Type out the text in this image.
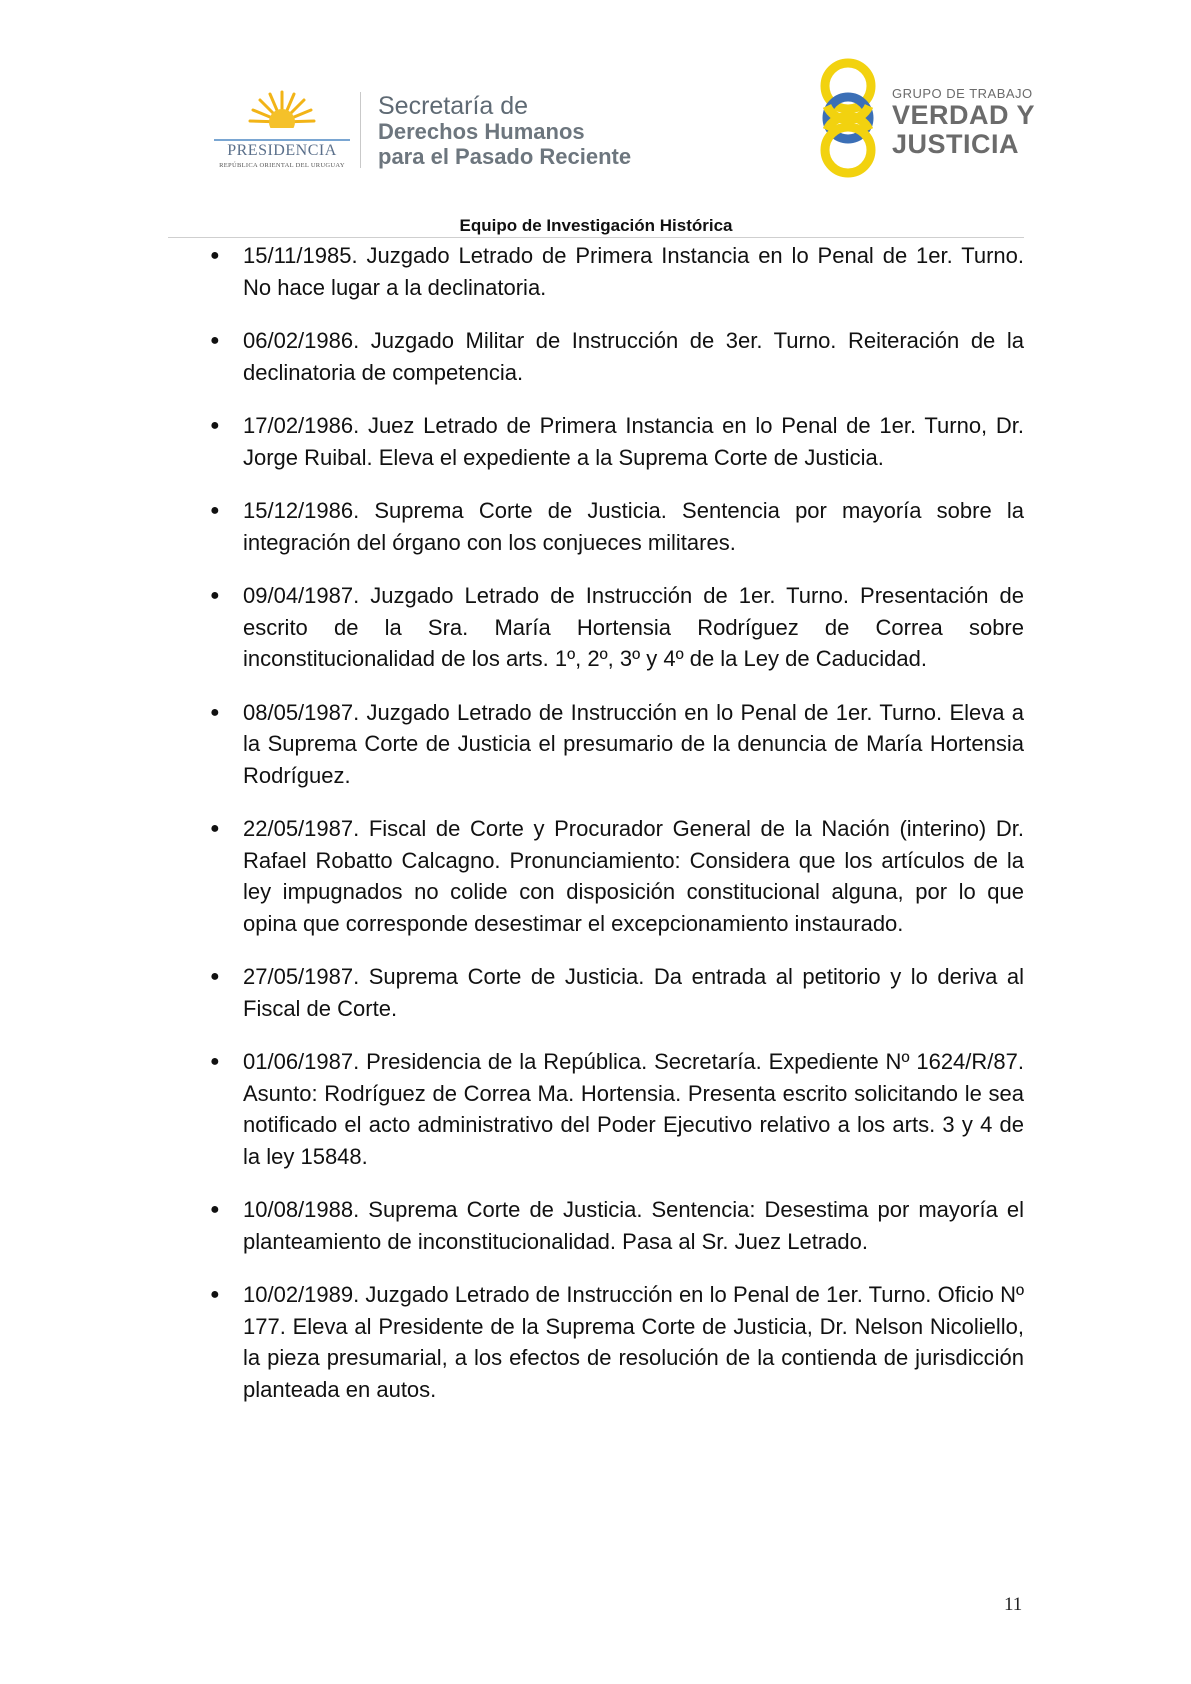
PRESIDENCIA
REPÚBLICA ORIENTAL DEL URUGUAY
Secretaría de
Derechos Humanos
para el Pasado Reciente
GRUPO DE TRABAJO
VERDAD Y
JUSTICIA
Equipo de Investigación Histórica
● 15/11/1985. Juzgado Letrado de Primera Instancia en lo Penal de 1er. Turno. No hace lugar a la declinatoria.
● 06/02/1986. Juzgado Militar de Instrucción de 3er. Turno. Reiteración de la declinatoria de competencia.
● 17/02/1986. Juez Letrado de Primera Instancia en lo Penal de 1er. Turno, Dr. Jorge Ruibal. Eleva el expediente a la Suprema Corte de Justicia.
● 15/12/1986. Suprema Corte de Justicia. Sentencia por mayoría sobre la integración del órgano con los conjueces militares.
● 09/04/1987. Juzgado Letrado de Instrucción de 1er. Turno. Presentación de escrito de la Sra. María Hortensia Rodríguez de Correa sobre inconstitucionalidad de los arts. 1º, 2º, 3º y 4º de la Ley de Caducidad.
● 08/05/1987. Juzgado Letrado de Instrucción en lo Penal de 1er. Turno. Eleva a la Suprema Corte de Justicia el presumario de la denuncia de María Hortensia Rodríguez.
● 22/05/1987. Fiscal de Corte y Procurador General de la Nación (interino) Dr. Rafael Robatto Calcagno. Pronunciamiento: Considera que los artículos de la ley impugnados no colide con disposición constitucional alguna, por lo que opina que corresponde desestimar el excepcionamiento instaurado.
● 27/05/1987. Suprema Corte de Justicia. Da entrada al petitorio y lo deriva al Fiscal de Corte.
● 01/06/1987. Presidencia de la República. Secretaría. Expediente Nº 1624/R/87. Asunto: Rodríguez de Correa Ma. Hortensia. Presenta escrito solicitando le sea notificado el acto administrativo del Poder Ejecutivo relativo a los arts. 3 y 4 de la ley 15848.
● 10/08/1988. Suprema Corte de Justicia. Sentencia: Desestima por mayoría el planteamiento de inconstitucionalidad. Pasa al Sr. Juez Letrado.
● 10/02/1989. Juzgado Letrado de Instrucción en lo Penal de 1er. Turno. Oficio Nº 177. Eleva al Presidente de la Suprema Corte de Justicia, Dr. Nelson Nicoliello, la pieza presumarial, a los efectos de resolución de la contienda de jurisdicción planteada en autos.
11
